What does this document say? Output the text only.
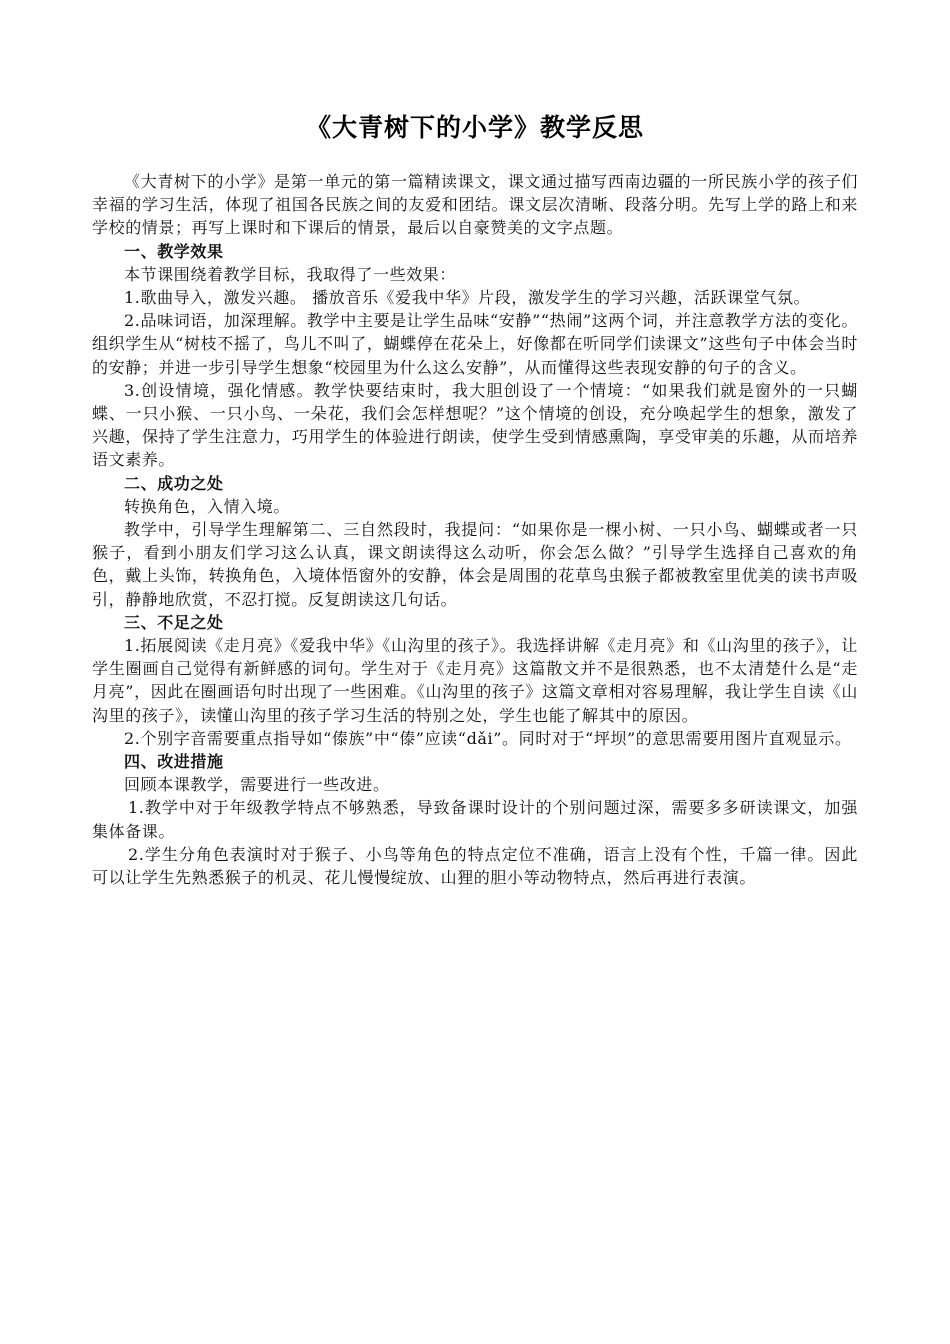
《大青树下的小学》教学反思

《大青树下的小学》是第一单元的第一篇精读课文，课文通过描写西南边疆的一所民族小学的孩子们幸福的学习生活，体现了祖国各民族之间的友爱和团结。课文层次清晰、段落分明。先写上学的路上和来学校的情景；再写上课时和下课后的情景，最后以自豪赞美的文字点题。

一、教学效果

本节课围绕着教学目标，我取得了一些效果：

1.歌曲导入，激发兴趣。 播放音乐《爱我中华》片段，激发学生的学习兴趣，活跃课堂气氛。

2.品味词语，加深理解。教学中主要是让学生品味“安静”“热闹”这两个词，并注意教学方法的变化。组织学生从“树枝不摇了，鸟儿不叫了，蝴蝶停在花朵上，好像都在听同学们读课文”这些句子中体会当时的安静；并进一步引导学生想象“校园里为什么这么安静”，从而懂得这些表现安静的句子的含义。

3.创设情境，强化情感。教学快要结束时，我大胆创设了一个情境：“如果我们就是窗外的一只蝴蝶、一只小猴、一只小鸟、一朵花，我们会怎样想呢？”这个情境的创设，充分唤起学生的想象，激发了兴趣，保持了学生注意力，巧用学生的体验进行朗读，使学生受到情感熏陶，享受审美的乐趣，从而培养语文素养。

二、成功之处

转换角色，入情入境。

教学中，引导学生理解第二、三自然段时，我提问：“如果你是一棵小树、一只小鸟、蝴蝶或者一只猴子，看到小朋友们学习这么认真，课文朗读得这么动听，你会怎么做？”引导学生选择自己喜欢的角色，戴上头饰，转换角色，入境体悟窗外的安静，体会是周围的花草鸟虫猴子都被教室里优美的读书声吸引，静静地欣赏，不忍打搅。反复朗读这几句话。

三、不足之处

1.拓展阅读《走月亮》《爱我中华》《山沟里的孩子》。我选择讲解《走月亮》和《山沟里的孩子》，让学生圈画自己觉得有新鲜感的词句。学生对于《走月亮》这篇散文并不是很熟悉，也不太清楚什么是“走月亮”，因此在圈画语句时出现了一些困难。《山沟里的孩子》这篇文章相对容易理解，我让学生自读《山沟里的孩子》，读懂山沟里的孩子学习生活的特别之处，学生也能了解其中的原因。

2.个别字音需要重点指导如“傣族”中“傣”应读“dǎi”。同时对于“坪坝”的意思需要用图片直观显示。

四、改进措施

回顾本课教学，需要进行一些改进。

1.教学中对于年级教学特点不够熟悉，导致备课时设计的个别问题过深，需要多多研读课文，加强集体备课。

2.学生分角色表演时对于猴子、小鸟等角色的特点定位不准确，语言上没有个性，千篇一律。因此可以让学生先熟悉猴子的机灵、花儿慢慢绽放、山狸的胆小等动物特点，然后再进行表演。
